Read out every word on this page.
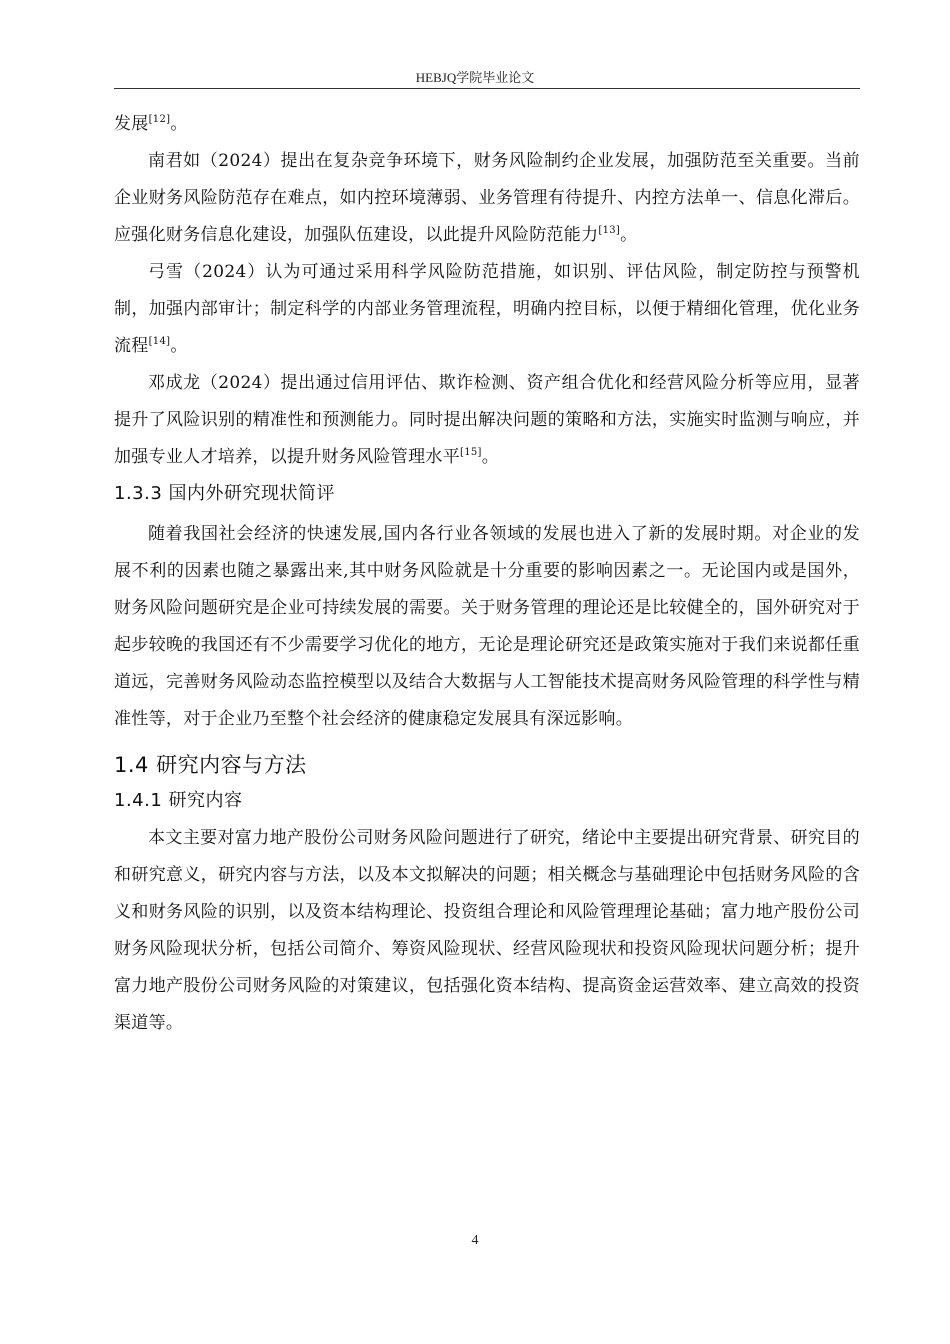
HEBJQ学院毕业论文

发展[12]。

南君如（2024）提出在复杂竞争环境下，财务风险制约企业发展，加强防范至关重要。当前企业财务风险防范存在难点，如内控环境薄弱、业务管理有待提升、内控方法单一、信息化滞后。应强化财务信息化建设，加强队伍建设，以此提升风险防范能力[13]。

弓雪（2024）认为可通过采用科学风险防范措施，如识别、评估风险，制定防控与预警机制，加强内部审计；制定科学的内部业务管理流程，明确内控目标，以便于精细化管理，优化业务流程[14]。

邓成龙（2024）提出通过信用评估、欺诈检测、资产组合优化和经营风险分析等应用，显著提升了风险识别的精准性和预测能力。同时提出解决问题的策略和方法，实施实时监测与响应，并加强专业人才培养，以提升财务风险管理水平[15]。

1.3.3 国内外研究现状简评

随着我国社会经济的快速发展,国内各行业各领域的发展也进入了新的发展时期。对企业的发展不利的因素也随之暴露出来,其中财务风险就是十分重要的影响因素之一。无论国内或是国外，财务风险问题研究是企业可持续发展的需要。关于财务管理的理论还是比较健全的，国外研究对于起步较晚的我国还有不少需要学习优化的地方，无论是理论研究还是政策实施对于我们来说都任重道远，完善财务风险动态监控模型以及结合大数据与人工智能技术提高财务风险管理的科学性与精准性等，对于企业乃至整个社会经济的健康稳定发展具有深远影响。

1.4 研究内容与方法
1.4.1 研究内容

本文主要对富力地产股份公司财务风险问题进行了研究，绪论中主要提出研究背景、研究目的和研究意义，研究内容与方法，以及本文拟解决的问题；相关概念与基础理论中包括财务风险的含义和财务风险的识别，以及资本结构理论、投资组合理论和风险管理理论基础；富力地产股份公司财务风险现状分析，包括公司简介、筹资风险现状、经营风险现状和投资风险现状问题分析；提升富力地产股份公司财务风险的对策建议，包括强化资本结构、提高资金运营效率、建立高效的投资渠道等。

4
